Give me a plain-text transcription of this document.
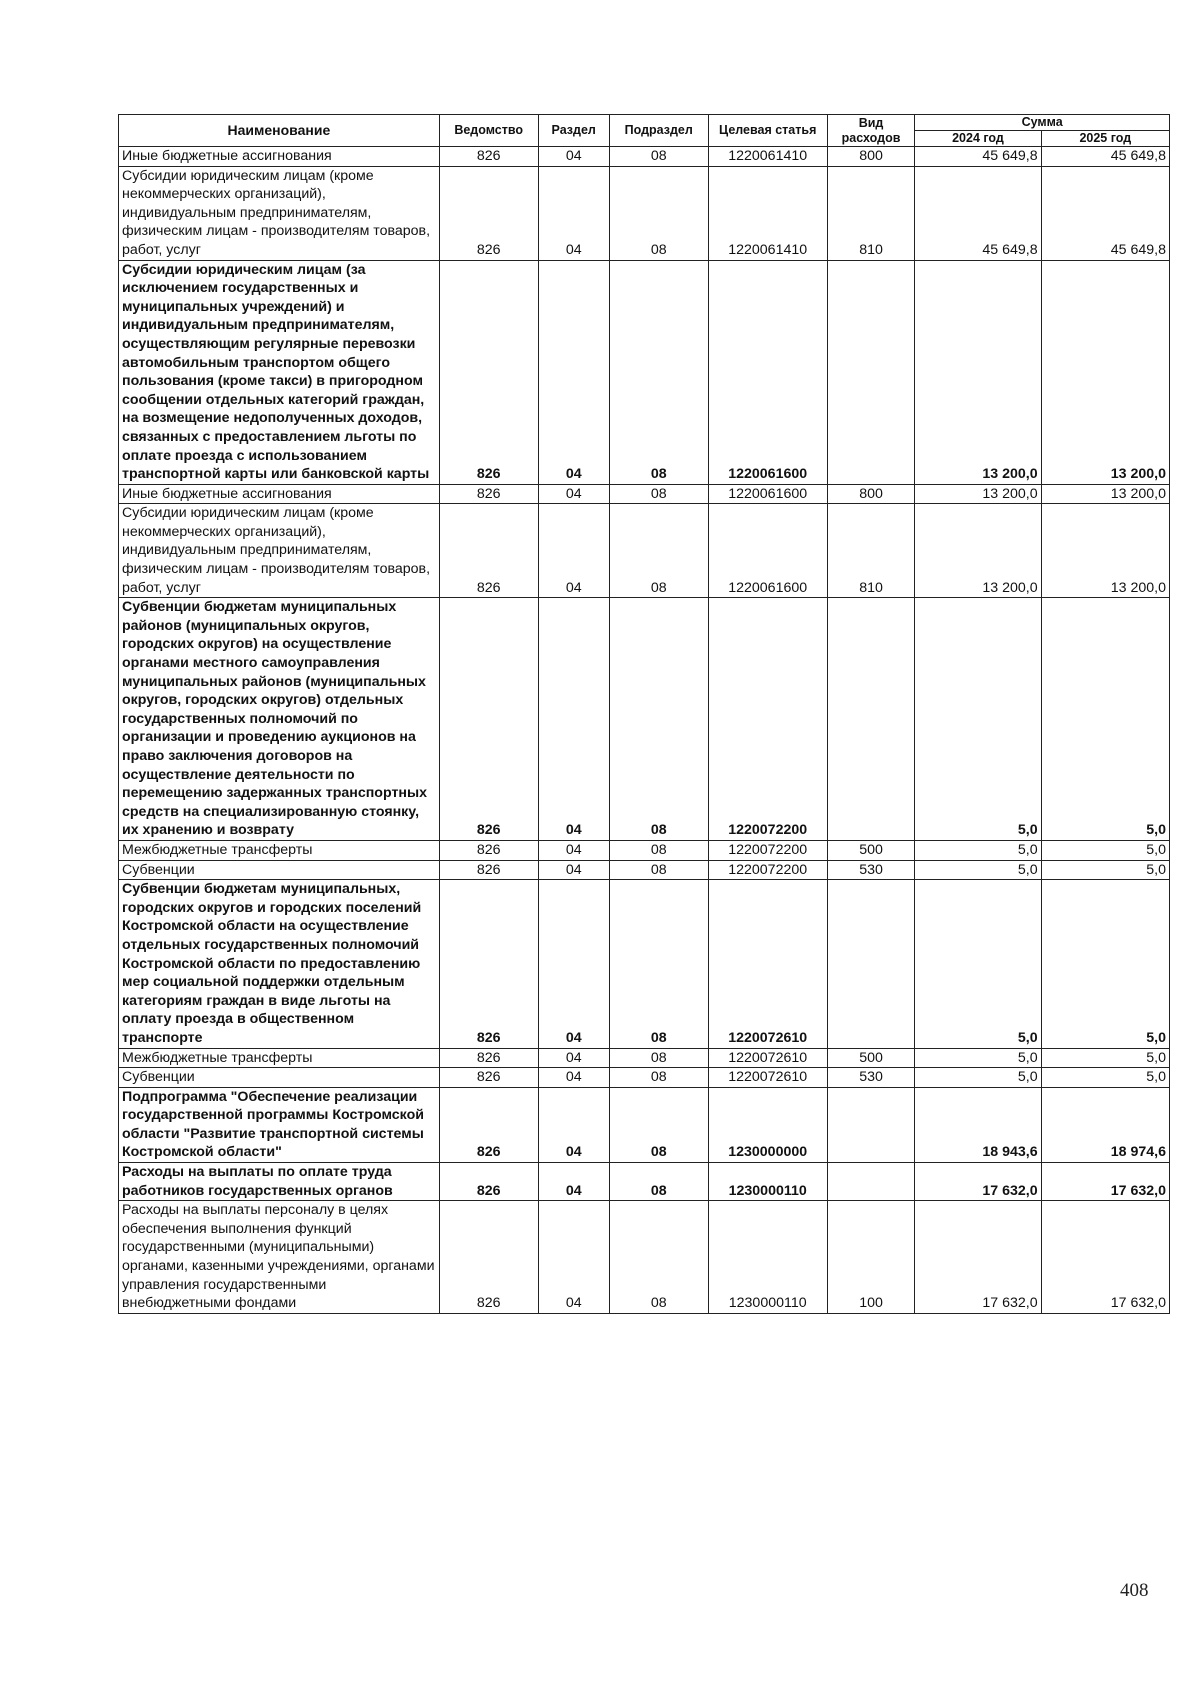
Наименование	Ведомство	Раздел	Подраздел	Целевая статья	Вид расходов	Сумма	
						2024 год	2025 год
Иные бюджетные ассигнования	826	04	08	1220061410	800	45 649,8	45 649,8
Субсидии юридическим лицам (кроме некоммерческих организаций), индивидуальным предпринимателям, физическим лицам - производителям товаров, работ, услуг	826	04	08	1220061410	810	45 649,8	45 649,8
Субсидии юридическим лицам (за исключением государственных и муниципальных учреждений) и индивидуальным предпринимателям, осуществляющим регулярные перевозки автомобильным транспортом общего пользования (кроме такси) в пригородном сообщении отдельных категорий граждан, на возмещение недополученных доходов, связанных с предоставлением льготы по оплате проезда с использованием транспортной карты или банковской карты	826	04	08	1220061600		13 200,0	13 200,0
Иные бюджетные ассигнования	826	04	08	1220061600	800	13 200,0	13 200,0
Субсидии юридическим лицам (кроме некоммерческих организаций), индивидуальным предпринимателям, физическим лицам - производителям товаров, работ, услуг	826	04	08	1220061600	810	13 200,0	13 200,0
Субвенции бюджетам муниципальных районов (муниципальных округов, городских округов) на осуществление органами местного самоуправления муниципальных районов (муниципальных округов, городских округов) отдельных государственных полномочий по организации и проведению аукционов на право заключения договоров на осуществление деятельности по перемещению задержанных транспортных средств на специализированную стоянку, их хранению и возврату	826	04	08	1220072200		5,0	5,0
Межбюджетные трансферты	826	04	08	1220072200	500	5,0	5,0
Субвенции	826	04	08	1220072200	530	5,0	5,0
Субвенции бюджетам муниципальных, городских округов и городских поселений Костромской области на осуществление отдельных государственных полномочий Костромской области по предоставлению мер социальной поддержки отдельным категориям граждан в виде льготы на оплату проезда в общественном транспорте	826	04	08	1220072610		5,0	5,0
Межбюджетные трансферты	826	04	08	1220072610	500	5,0	5,0
Субвенции	826	04	08	1220072610	530	5,0	5,0
Подпрограмма "Обеспечение реализации государственной программы Костромской области "Развитие транспортной системы Костромской области"	826	04	08	1230000000		18 943,6	18 974,6
Расходы на выплаты по оплате труда работников государственных органов	826	04	08	1230000110		17 632,0	17 632,0
Расходы на выплаты персоналу в целях обеспечения выполнения функций государственными (муниципальными) органами, казенными учреждениями, органами управления государственными внебюджетными фондами	826	04	08	1230000110	100	17 632,0	17 632,0
408
